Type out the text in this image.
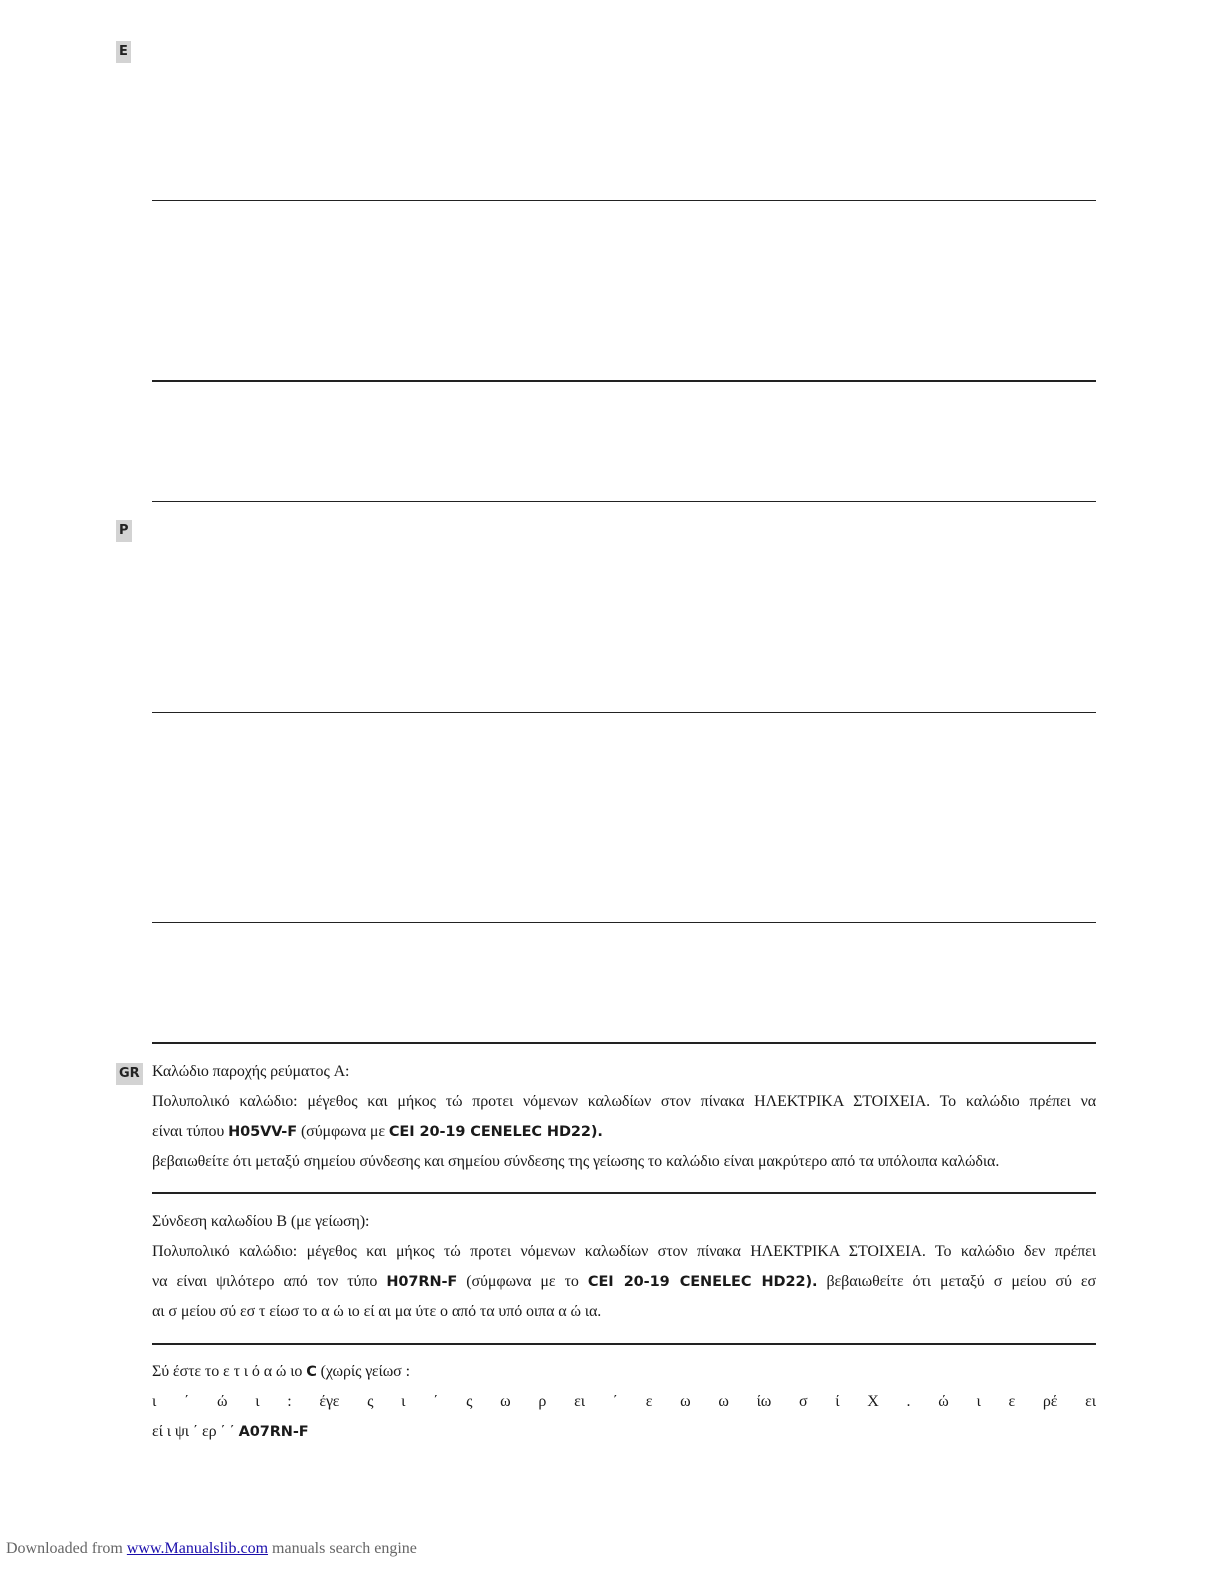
E
P
GR Καλώδιο παροχής ρεύματος A:

Πολυπολικό καλώδιο: μέγεθος και μήκος τώ προτει νόμενων καλωδίων στον πίνακα ΗΛΕΚΤΡΙΚΑ ΣΤΟΙΧΕΙΑ. Το καλώδιο πρέπει να

είναι τύπου H05VV-F (σύμφωνα με CEI 20-19 CENELEC HD22).

βεβαιωθείτε ότι μεταξύ σημείου σύνδεσης και σημείου σύνδεσης της γείωσης το καλώδιο είναι μακρύτερο από τα υπόλοιπα καλώδια.

Σύνδεση καλωδίου B (με γείωση):

Πολυπολικό καλώδιο: μέγεθος και μήκος τώ προτει νόμενων καλωδίων στον πίνακα ΗΛΕΚΤΡΙΚΑ ΣΤΟΙΧΕΙΑ. Το καλώδιο δεν πρέπει

να είναι ψιλότερο από τον τύπο H07RN-F (σύμφωνα με το CEI 20-19 CENELEC HD22). βεβαιωθείτε ότι μεταξύ σ μείου σύ εσ

αι σ μείου σύ εσ τ είωσ το α ώ ιο εί αι μα ύτε ο από τα υπό οιπα α ώ ια.

Σύ έστε το ε τ ι ό α ώ ιο C (χωρίς γείωσ :

ι ΄ ώ ι : έγε ς ι ΄ ς ω ρ ει ΄ ε ω ω ίω σ ί Χ . ώ ι ε ρέ ει

εί ι ψι ΄ ερ ΄ ΄ A07RN-F

Downloaded from www.Manualslib.com manuals search engine
